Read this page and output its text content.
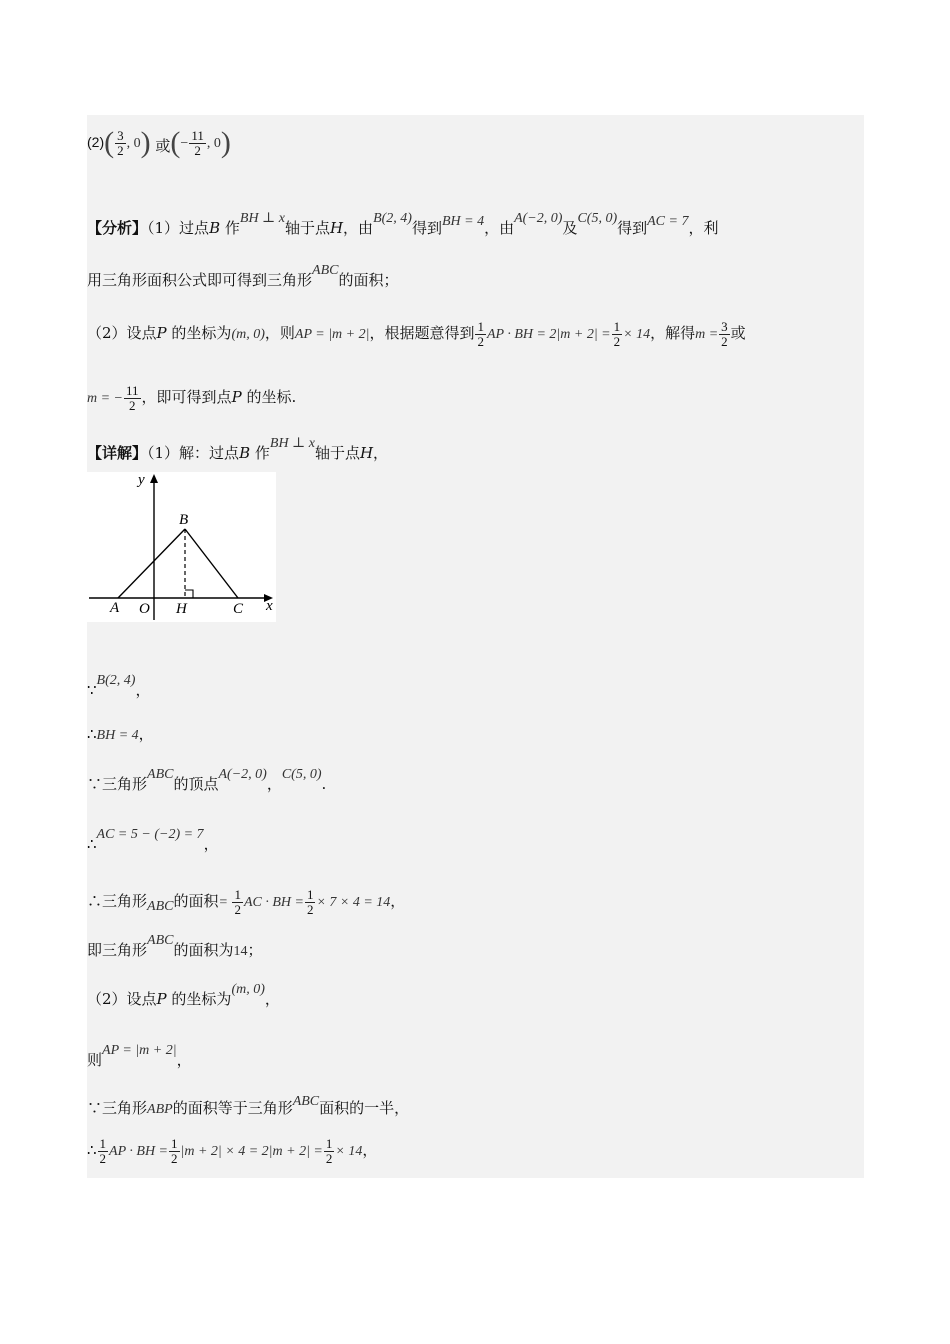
$(2)( \frac{3}{2}$ , 0) 或(− $\frac{11}{2}$ , 0)
【分析】（1）过点B 作BH ⊥ x轴于点H，由B(2, 4)得到BH = 4，由A(−2, 0)及C(5, 0)得到AC = 7，利
用三角形面积公式即可得到三角形ABC的面积；
（2）设点P 的坐标为(m, 0)，则AP = |m + 2|，根据题意得到 $\frac{1}{2}$ AP · BH = $2|m + 2| = \frac{1}{2} \times 14$，解得$m = \frac{3}{2}$ 或
m = − $\frac{11}{2}$ ，即可得到点P 的坐标.
【详解】（1）解：过点B 作BH ⊥ x轴于点H，
y
x
A O H	C
B
∵B(2, 4)，
∴BH = 4，
∵三角形ABC的顶点A(−2, 0)，C(5, 0).
∴AC = 5 − (−2) = 7，
∴三角形ABC的面积= $\frac{1}{2}$ AC · BH = $\frac{1}{2} \times 7 \times 4 = 14$，
即三角形ABC的面积为14；
（2）设点P 的坐标为(m, 0)，
则AP = |m + 2|，
∵三角形ABP的面积等于三角形ABC面积的一半，
∴ $\frac{1}{2}$ AP · BH = $\frac{1}{2} |m + 2| \times 4 = 2|m + 2| = \frac{1}{2} \times 14$，
